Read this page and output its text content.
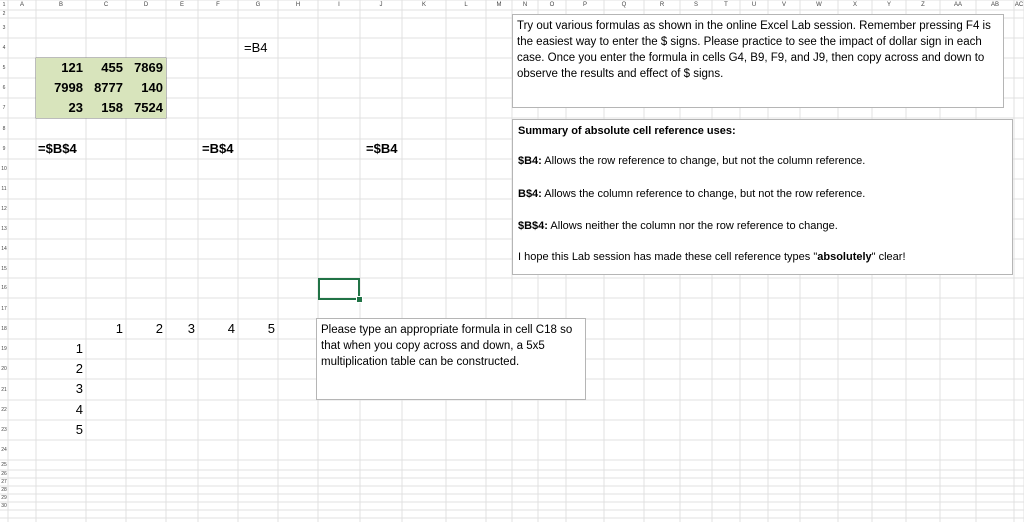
=B4
121	455 7869
7998 8777	140
23	158 7524
=$B$4	=B$4	=$B4
1	2	3	4	5
1
2
3
4
5

Try out various formulas as shown in the online Excel Lab session. Remember pressing F4 is the easiest way to enter the $ signs. Please practice to see the impact of dollar sign in each case. Once you enter the formula in cells G4, B9, F9, and J9, then copy across and down to observe the results and effect of $ signs.

Summary of absolute cell reference uses:

$B4: Allows the row reference to change, but not the column reference.

B$4: Allows the column reference to change, but not the row reference.

$B$4: Allows neither the column nor the row reference to change.

I hope this Lab session has made these cell reference types "absolutely" clear!

Please type an appropriate formula in cell C18 so that when you copy across and down, a 5x5 multiplication table can be constructed.

A	B	C	D	E	F	G	H	I	J	K	L	M	N	O	P	Q	R	S	T	U	V	W	X	Y	Z	AA	AB	AC
1
2
3
4
5
6
7
8
9
10
11
12
13
14
15
16
17
18
19
20
21
22
23
24
25
26
27
28
29
30
